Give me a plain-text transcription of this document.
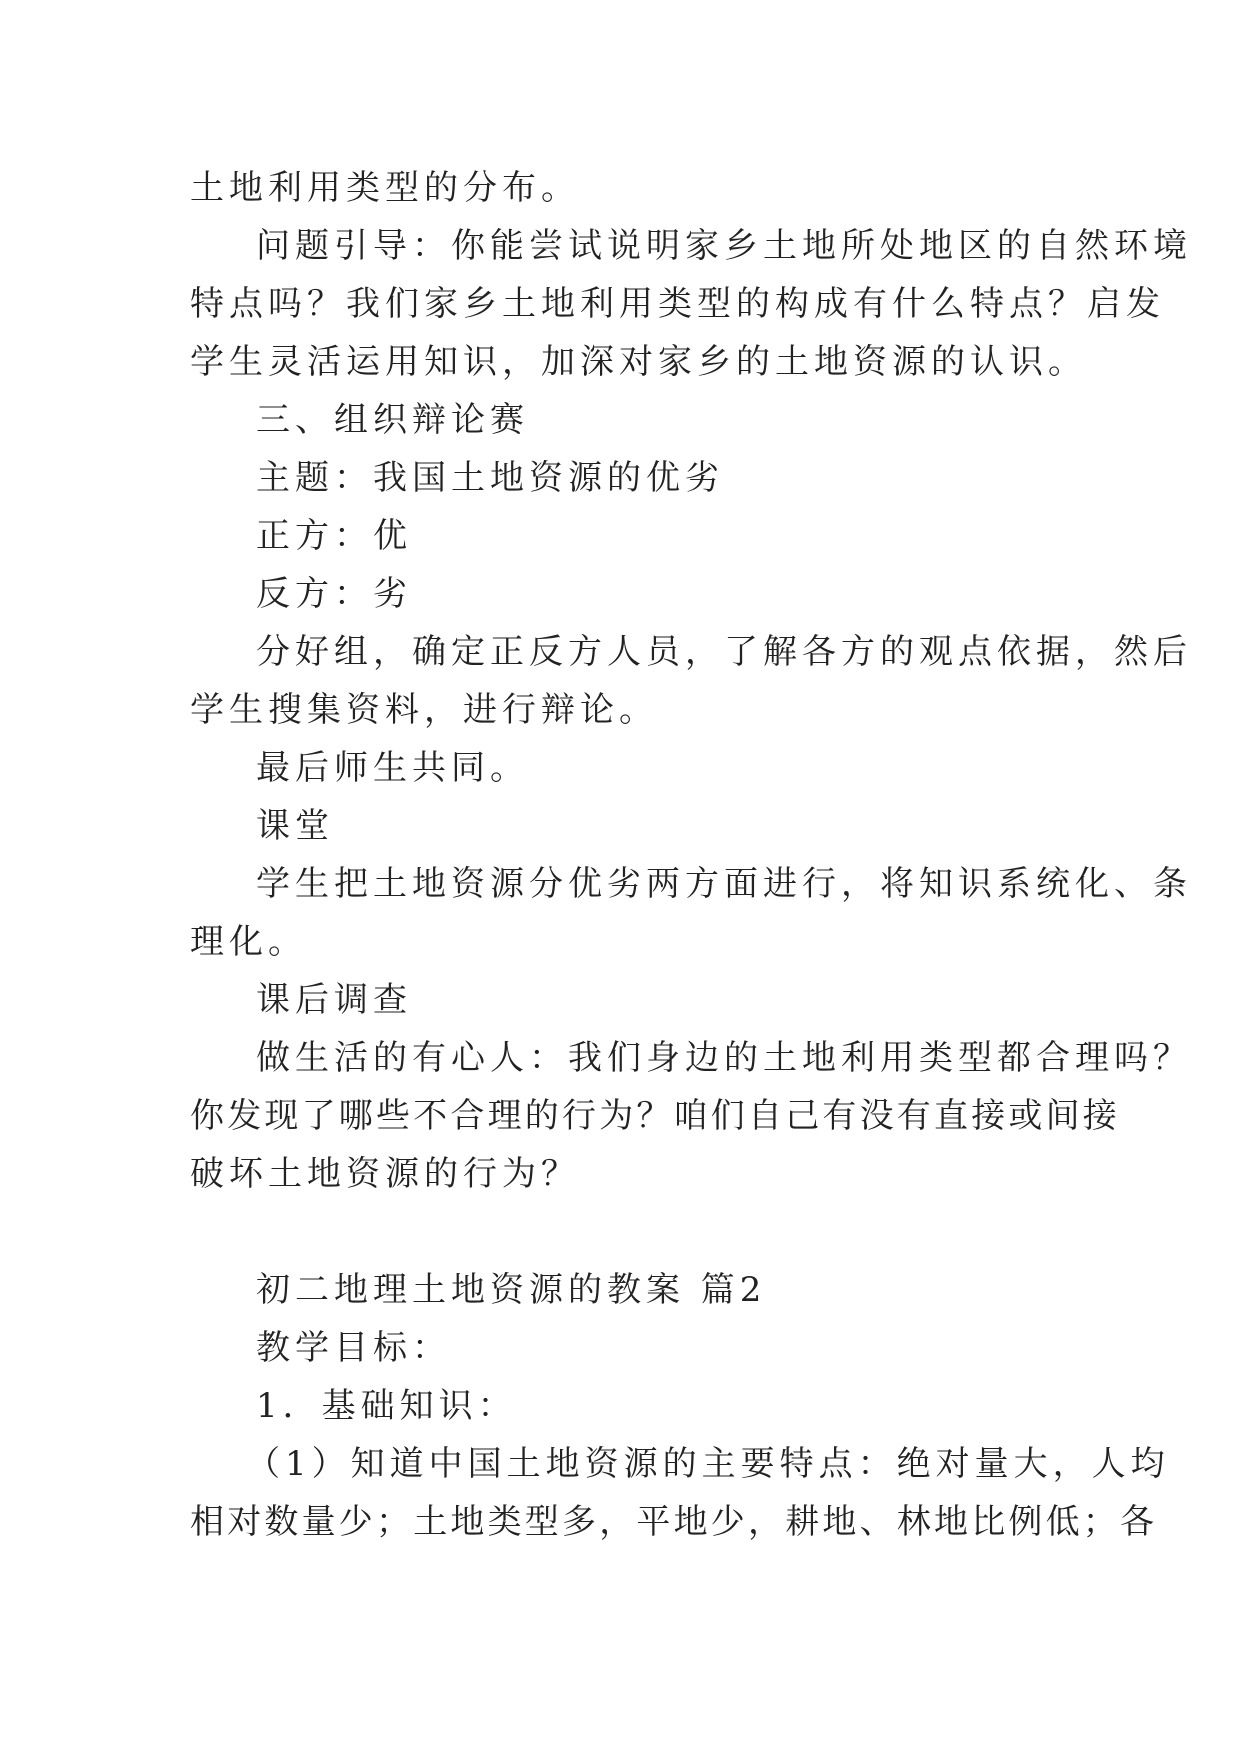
土地利用类型的分布。
问题引导：你能尝试说明家乡土地所处地区的自然环境
特点吗？我们家乡土地利用类型的构成有什么特点？启发
学生灵活运用知识，加深对家乡的土地资源的认识。
三、组织辩论赛
主题：我国土地资源的优劣
正方：优
反方：劣
分好组，确定正反方人员，了解各方的观点依据，然后
学生搜集资料，进行辩论。
最后师生共同。
课堂
学生把土地资源分优劣两方面进行，将知识系统化、条
理化。
课后调查
做生活的有心人：我们身边的土地利用类型都合理吗？
你发现了哪些不合理的行为？咱们自己有没有直接或间接
破坏土地资源的行为？
初二地理土地资源的教案 篇2
教学目标：
1．基础知识：
（1）知道中国土地资源的主要特点：绝对量大，人均
相对数量少；土地类型多，平地少，耕地、林地比例低；各
